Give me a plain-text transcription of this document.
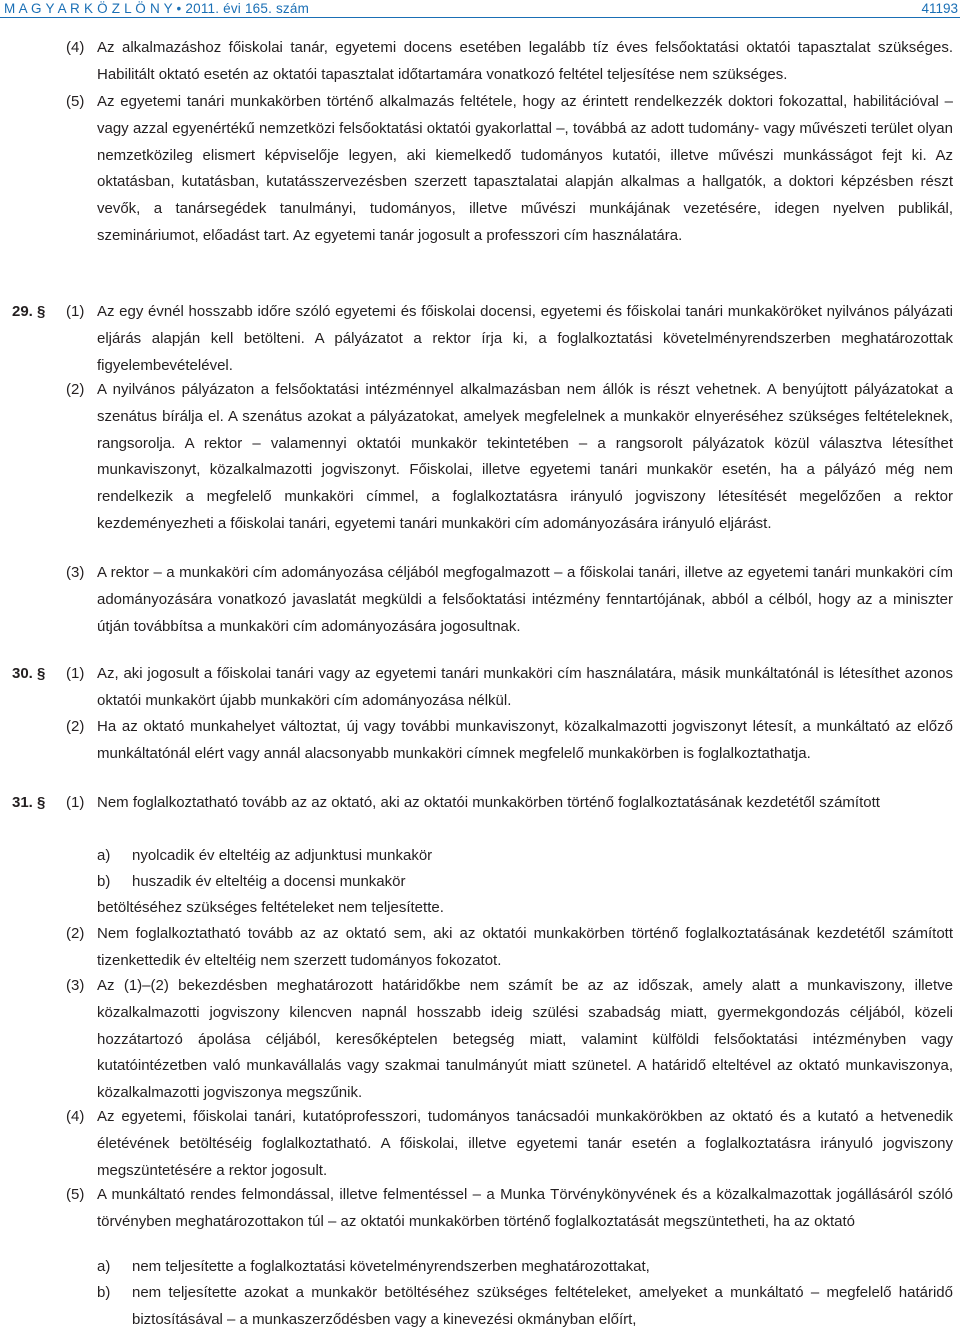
M A G Y A R K Ö Z L Ö N Y • 2011. évi 165. szám	41193
(4) Az alkalmazáshoz főiskolai tanár, egyetemi docens esetében legalább tíz éves felsőoktatási oktatói tapasztalat szükséges. Habilitált oktató esetén az oktatói tapasztalat időtartamára vonatkozó feltétel teljesítése nem szükséges.
(5) Az egyetemi tanári munkakörben történő alkalmazás feltétele, hogy az érintett rendelkezzék doktori fokozattal, habilitációval – vagy azzal egyenértékű nemzetközi felsőoktatási oktatói gyakorlattal –, továbbá az adott tudomány- vagy művészeti terület olyan nemzetközileg elismert képviselője legyen, aki kiemelkedő tudományos kutatói, illetve művészi munkásságot fejt ki. Az oktatásban, kutatásban, kutatásszervezésben szerzett tapasztalatai alapján alkalmas a hallgatók, a doktori képzésben részt vevők, a tanársegédek tanulmányi, tudományos, illetve művészi munkájának vezetésére, idegen nyelven publikál, szemináriumot, előadást tart. Az egyetemi tanár jogosult a professzori cím használatára.
29. § (1) Az egy évnél hosszabb időre szóló egyetemi és főiskolai docensi, egyetemi és főiskolai tanári munkaköröket nyilvános pályázati eljárás alapján kell betölteni. A pályázatot a rektor írja ki, a foglalkoztatási követelményrendszerben meghatározottak figyelembevételével.
(2) A nyilvános pályázaton a felsőoktatási intézménnyel alkalmazásban nem állók is részt vehetnek. A benyújtott pályázatokat a szenátus bírálja el. A szenátus azokat a pályázatokat, amelyek megfelelnek a munkakör elnyeréséhez szükséges feltételeknek, rangsorolja. A rektor – valamennyi oktatói munkakör tekintetében – a rangsorolt pályázatok közül választva létesíthet munkaviszonyt, közalkalmazotti jogviszonyt. Főiskolai, illetve egyetemi tanári munkakör esetén, ha a pályázó még nem rendelkezik a megfelelő munkaköri címmel, a foglalkoztatásra irányuló jogviszony létesítését megelőzően a rektor kezdeményezheti a főiskolai tanári, egyetemi tanári munkaköri cím adományozására irányuló eljárást.
(3) A rektor – a munkaköri cím adományozása céljából megfogalmazott – a főiskolai tanári, illetve az egyetemi tanári munkaköri cím adományozására vonatkozó javaslatát megküldi a felsőoktatási intézmény fenntartójának, abból a célból, hogy az a miniszter útján továbbítsa a munkaköri cím adományozására jogosultnak.
30. § (1) Az, aki jogosult a főiskolai tanári vagy az egyetemi tanári munkaköri cím használatára, másik munkáltatónál is létesíthet azonos oktatói munkakört újabb munkaköri cím adományozása nélkül.
(2) Ha az oktató munkahelyet változtat, új vagy további munkaviszonyt, közalkalmazotti jogviszonyt létesít, a munkáltató az előző munkáltatónál elért vagy annál alacsonyabb munkaköri címnek megfelelő munkakörben is foglalkoztathatja.
31. § (1) Nem foglalkoztatható tovább az az oktató, aki az oktatói munkakörben történő foglalkoztatásának kezdetétől számított
a) nyolcadik év elteltéig az adjunktusi munkakör
b) huszadik év elteltéig a docensi munkakör
betöltéséhez szükséges feltételeket nem teljesítette.
(2) Nem foglalkoztatható tovább az az oktató sem, aki az oktatói munkakörben történő foglalkoztatásának kezdetétől számított tizenkettedik év elteltéig nem szerzett tudományos fokozatot.
(3) Az (1)–(2) bekezdésben meghatározott határidőkbe nem számít be az az időszak, amely alatt a munkaviszony, illetve közalkalmazotti jogviszony kilencven napnál hosszabb ideig szülési szabadság miatt, gyermekgondozás céljából, közeli hozzátartozó ápolása céljából, keresőképtelen betegség miatt, valamint külföldi felsőoktatási intézményben vagy kutatóintézetben való munkavállalás vagy szakmai tanulmányút miatt szünetel. A határidő elteltével az oktató munkaviszonya, közalkalmazotti jogviszonya megszűnik.
(4) Az egyetemi, főiskolai tanári, kutatóprofesszori, tudományos tanácsadói munkakörökben az oktató és a kutató a hetvenedik életévének betöltéséig foglalkoztatható. A főiskolai, illetve egyetemi tanár esetén a foglalkoztatásra irányuló jogviszony megszüntetésére a rektor jogosult.
(5) A munkáltató rendes felmondással, illetve felmentéssel – a Munka Törvénykönyvének és a közalkalmazottak jogállásáról szóló törvényben meghatározottakon túl – az oktatói munkakörben történő foglalkoztatását megszüntetheti, ha az oktató
a) nem teljesítette a foglalkoztatási követelményrendszerben meghatározottakat,
b) nem teljesítette azokat a munkakör betöltéséhez szükséges feltételeket, amelyeket a munkáltató – megfelelő határidő biztosításával – a munkaszerződésben vagy a kinevezési okmányban előírt,
